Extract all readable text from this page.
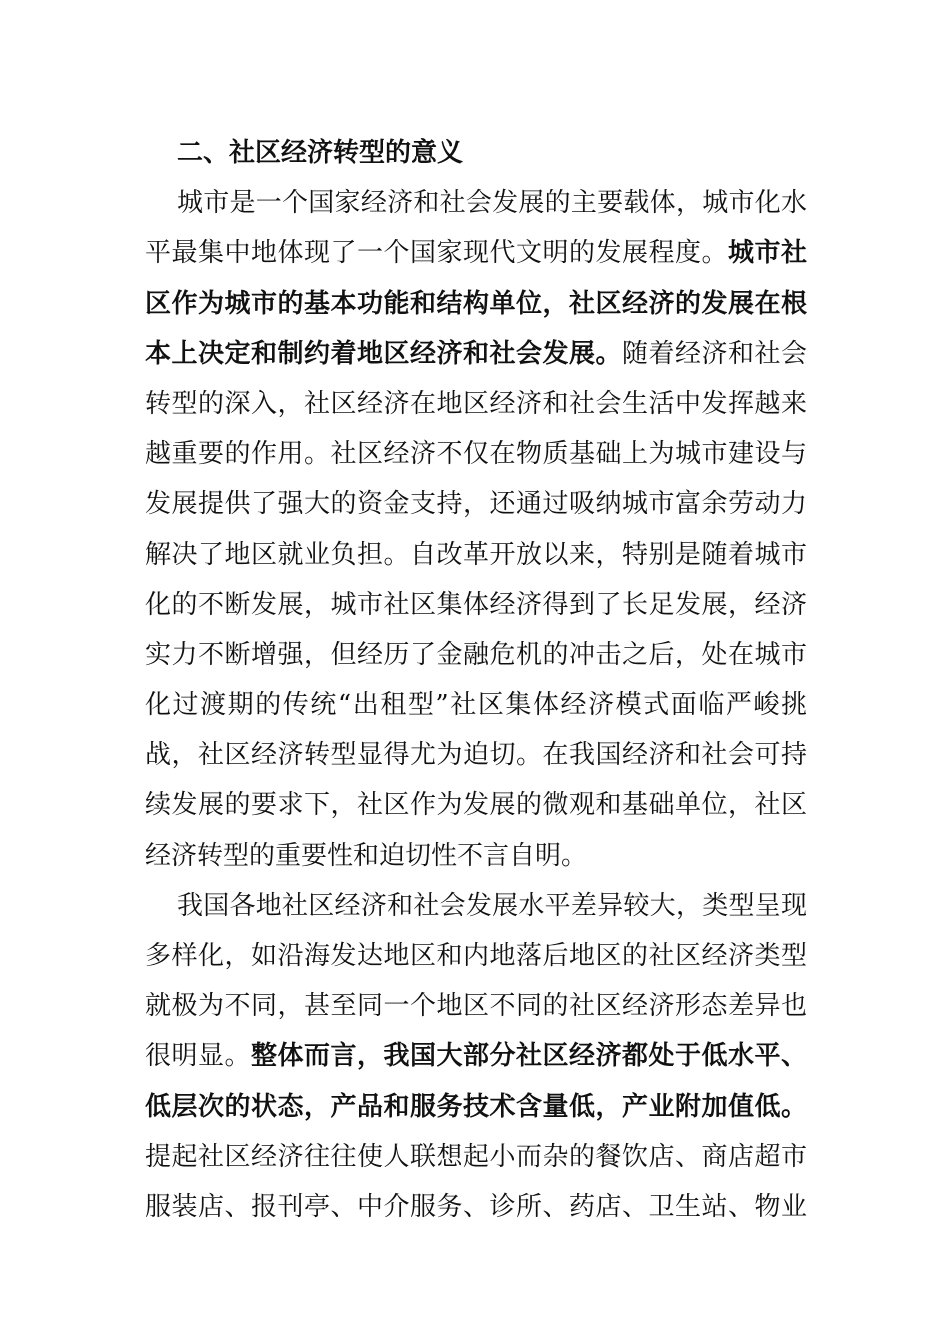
二、社区经济转型的意义
城市是一个国家经济和社会发展的主要载体，城市化水
平最集中地体现了一个国家现代文明的发展程度。城市社
区作为城市的基本功能和结构单位，社区经济的发展在根
本上决定和制约着地区经济和社会发展。随着经济和社会
转型的深入，社区经济在地区经济和社会生活中发挥越来
越重要的作用。社区经济不仅在物质基础上为城市建设与
发展提供了强大的资金支持，还通过吸纳城市富余劳动力
解决了地区就业负担。自改革开放以来，特别是随着城市
化的不断发展，城市社区集体经济得到了长足发展，经济
实力不断增强，但经历了金融危机的冲击之后，处在城市
化过渡期的传统“出租型”社区集体经济模式面临严峻挑
战，社区经济转型显得尤为迫切。在我国经济和社会可持
续发展的要求下，社区作为发展的微观和基础单位，社区
经济转型的重要性和迫切性不言自明。
我国各地社区经济和社会发展水平差异较大，类型呈现
多样化，如沿海发达地区和内地落后地区的社区经济类型
就极为不同，甚至同一个地区不同的社区经济形态差异也
很明显。整体而言，我国大部分社区经济都处于低水平、
低层次的状态，产品和服务技术含量低，产业附加值低。
提起社区经济往往使人联想起小而杂的餐饮店、商店超市
服装店、报刊亭、中介服务、诊所、药店、卫生站、物业
